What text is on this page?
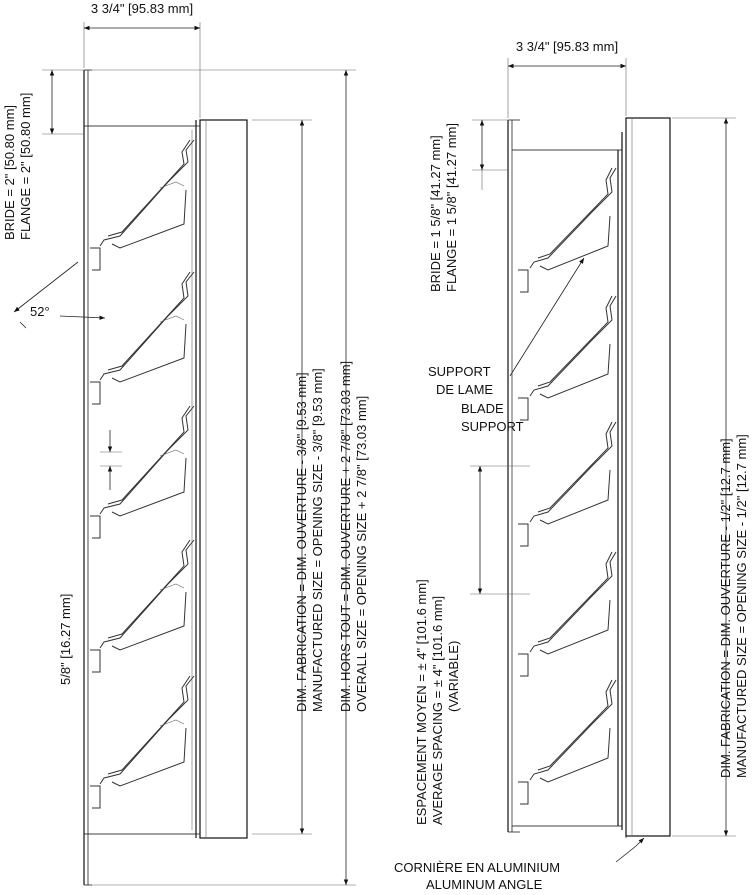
3 3/4" [95.83 mm]
BRIDE = 2" [50.80 mm] FLANGE = 2" [50.80 mm]
52°
5/8" [16.27 mm]	DIM. FABRICATION = DIM. OUVERTURE - 3/8" [9.53 mm] MANUFACTURED SIZE = OPENING SIZE - 3/8" [9.53 mm] DIM. HORS TOUT = DIM. OUVERTURE + 2 7/8" [73.03 mm] OVERALL SIZE = OPENING SIZE + 2 7/8" [73.03 mm]
3 3/4" [95.83 mm]
BRIDE = 1 5/8" [41.27 mm] FLANGE = 1 5/8" [41.27 mm]
SUPPORT
DE LAME
BLADE
SUPPORT
ESPACEMENT MOYEN = ± 4" [101.6 mm] AVERAGE SPACING = ± 4" [101.6 mm] (VARIABLE)	DIM. FABRICATION = DIM. OUVERTURE - 1/2" [12.7 mm] MANUFACTURED SIZE = OPENING SIZE - 1/2" [12.7 mm]
CORNIÈRE EN ALUMINIUM
ALUMINUM ANGLE
